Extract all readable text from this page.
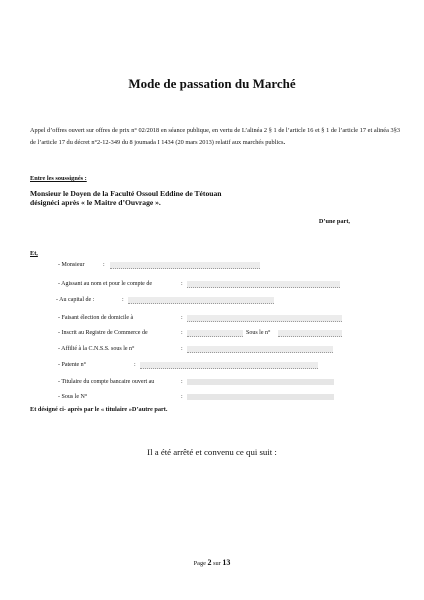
Mode de passation du Marché
Appel d’offres ouvert sur offres de prix n° 02/2018 en séance publique, en vertu de L’alinéa 2 § 1 de l’article 16 et § 1 de l’article 17 et alinéa 3§3 de l’article 17 du décret n°2-12-349 du 8 joumada I 1434 (20 mars 2013) relatif aux marchés publics.
Entre les soussignés :
Monsieur le Doyen de la Faculté Ossoul Eddine de Tétouan
désignéci après « le Maitre d’Ouvrage ».
D’une part,
Et,
- Monsieur	:
- Agissant au nom et pour le compte de	:
- Au capital de :	:
- Faisant élection de domicile à	:
- Inscrit au Registre de Commerce de	:	Sous le n°
- Affilié à la C.N.S.S. sous le n°	:
- Patente n°	:
- Titulaire du compte bancaire ouvert au	:
- Sous le N°	:
Et désigné ci- après par le « titulaire »D’autre part.
Il a été arrêté et convenu ce qui suit :
Page 2 sur 13
